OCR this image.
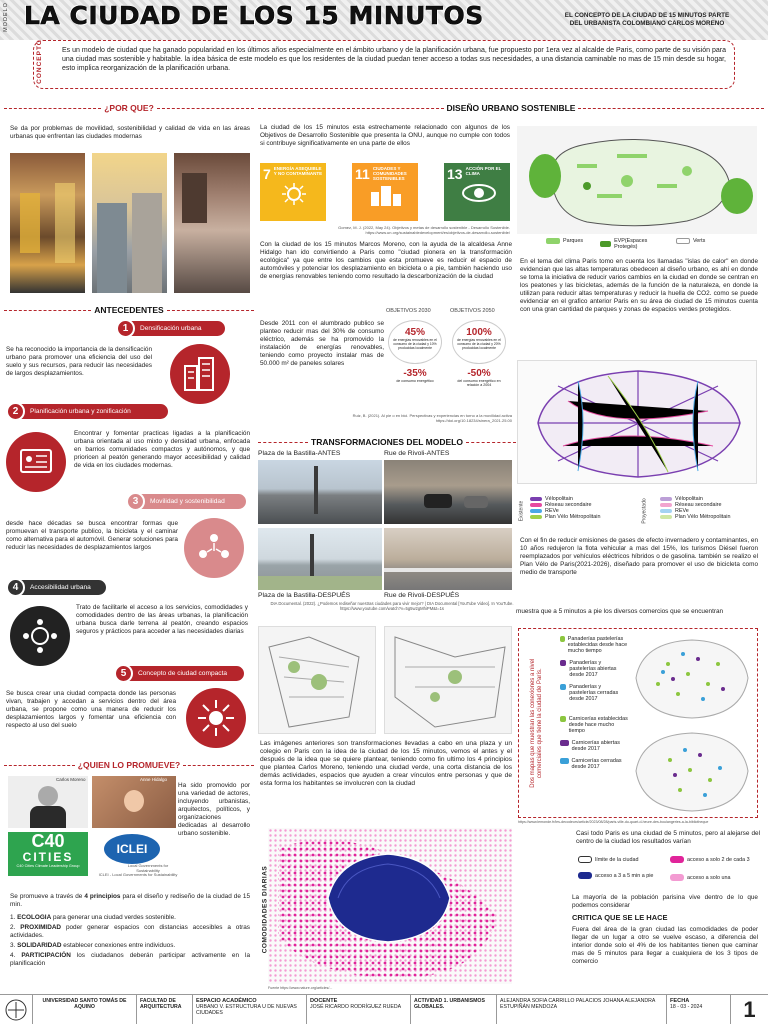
MODELO LA CIUDAD DE LOS 15 MINUTOS	EL CONCEPTO DE LA CIUDAD DE 15 MINUTOS PARTE DEL URBANISTA COLOMBIANO CARLOS MORENO
CONCEPTO	Es un modelo de ciudad que ha ganado popularidad en los últimos años especialmente en el ámbito urbano y de la planificación urbana, fue propuesto por 1era vez al alcalde de Paris, como parte de su visión para una ciudad mas sostenible y habitable. la idea básica de este modelo es que los residentes de la ciudad puedan tener acceso a todas sus necesidades, a una distancia caminable no mas de 15 min desde su hogar, esto implica reorganización de la planificación urbana.
¿POR QUE?
Se da por problemas de movilidad, sostenibilidad y calidad de vida en las áreas urbanas que enfrentan las ciudades modernas
ANTECEDENTES
1	Densificación urbana
Se ha reconocido la importancia de la densificación urbano para promover una eficiencia del uso del suelo y sus recursos, para reducir las necesidades de largos desplazamientos.
2	Planificación urbana y zonificación
Encontrar y fomentar practicas ligadas a la planificación urbana orientada al uso mixto y densidad urbana, enfocada en barrios comunidades compactos y autónomos, y que prioricen al peatón generando mayor accesibilidad y calidad de vida en los ciudades modernas.
3	Movilidad y sostenibilidad
desde hace décadas se busca encontrar formas que promuevan el transporte publico, la bicicleta y el caminar como alternativa para el automóvil. Generar soluciones para reducir las necesidades de desplazamientos largos
4	Accesibilidad urbana
Trato de facilitarle el acceso a los servicios, comodidades y comodidades dentro de las áreas urbanas, la planificación urbana busca darle terrena al peatón, creando espacios seguros y prácticos para acceder a las necesidades diarias
5	Concepto de ciudad compacta
Se busca crear una ciudad compacta donde las personas vivan, trabajen y accedan a servicios dentro del área urbana, se propone como una manera de reducir los desplazamientos largos y fomentar una eficiencia con respecto al uso del suelo
¿QUIEN LO PROMUEVE?
Carlos Moreno	Anne Hidalgo
Ha sido promovido por una variedad de actores, incluyendo urbanistas, arquitectos, políticos, y organizaciones dedicadas al desarrollo urbano sostenible.
C40
CITIES
C40 Cities Climate Leadership Group
ICLEI
Local Governments for Sustainability
ICLEI - Local Governments for Sustainability
Se promueve a través de 4 principios para el diseño y rediseño de la ciudad de 15 min.
1. ECOLOGIA para generar una ciudad verdes sostenible.
2. PROXIMIDAD poder generar espacios con distancias accesibles a otras actividades.
3. SOLIDARIDAD establecer conexiones entre individuos.
4. PARTICIPACIÓN los ciudadanos deberán participar activamente en la planificación
DISEÑO URBANO SOSTENIBLE
La ciudad de los 15 minutos esta estrechamente relacionado con algunos de los Objetivos de Desarrollo Sostenible que presenta la ONU, aunque no cumple con todos si contribuye significativamente en una parte de ellos
7 ENERGÍA ASEQUIBLE Y NO CONTAMINANTE 11 CIUDADES Y COMUNIDADES SOSTENIBLES	13 ACCIÓN POR EL CLIMA
Gomez, M. J. (2022, May 24). Objetivos y metas de desarrollo sostenible - Desarrollo Sostenible. https://www.un.org/sustainabledevelopment/es/objetivos-de-desarrollo-sostenible/
Con la ciudad de los 15 minutos Marcos Moreno, con la ayuda de la alcaldesa Anne Hidalgo han ido convirtiendo a Paris como "ciudad pionera en la transformación ecológica" ya que entre los cambios que esta promueve es reducir el espacio de automóviles y potenciar los desplazamiento en bicicleta o a pie, también haciendo uso de energías renovables teniendo como resultado la descarbonización de la ciudad
Desde 2011 con el alumbrado publico se planteo reducir mas del 30% de consumo eléctrico, además se ha promovido la instalación de energías renovables, teniendo como proyecto instalar mas de 50.000 m² de paneles solares
OBJETIVOS 2030	OBJETIVOS 2050
45%
de energías renovables en el consumo de la ciudad y 10% producidas localmente
100%
de energías renovables en el consumo de la ciudad y 20% producidas localmente
-35%
de consumo energético
-50%
del consumo energético en relación a 2004
Ruiz, B. (2021). Al pie o en bici. Perspectivas y experiencias en torno a la movilidad activa https://doi.org/10.18234/sinera_2021.25.00
Parques	EVP(Espaces Protegés)
Verts
En el tema del clima Paris tomo en cuenta los llamadas "islas de calor" en donde evidencian que las altas temperaturas obedecen al diseño urbano, es ahí en donde se toma la iniciativa de reducir varios cambios en la ciudad en donde se centran en los peatones y las bicicletas, además de la función de la naturaleza, en donde la utilizan para reducir altas temperaturas y reducir la huella de CO2. como se puede evidenciar en el grafico anterior Paris en su área de ciudad de 15 minutos cuenta con una gran cantidad de parques y zonas de espacios verdes protegidos.
Existente
Vélopolitain
Réseau secondaire
REVe
Plan Vélo Métropolitain	Proyectado	Vélopolitain
Réseau secondaire
REVe
Plan Vélo Métropolitain
Con el fin de reducir emisiones de gases de efecto invernadero y contaminantes, en 10 años redujeron la flota vehicular a mas del 15%, los turismos Diésel fueron reemplazados por vehículos eléctricos híbridos o de gasolina. también se realizo el Plan Vélo de Paris(2021-2026), diseñado para promover el uso de bicicleta como medio de transporte
TRANSFORMACIONES DEL MODELO
Plaza de la Bastilla-ANTES	Rue de Rivoli-ANTES
Plaza de la Bastilla-DESPUÉS	Rue de Rivoli-DESPUÉS
DIA Documental. (2022). ¿Podemos rediseñar nuestras ciudades para vivir mejor? | DIA Documental [YouTube Video]. In YouTube. https://www.youtube.com/watch?v=5g5w2gMhiPM&t=1s
Las imágenes anteriores son transformaciones llevadas a cabo en una plaza y un colegio en Paris con la idea de la ciudad de los 15 minutos, vemos el antes y el después de la idea que se quiere plantear, teniendo como fin ultimo los 4 principios que plantea Carlos Moreno, teniendo una ciudad verde, una corta distancia de los demás actividades, espacios que ayuden a crear vínculos entre personas y que de esta forma los habitantes se involucren con la ciudad
muestra que a 5 minutos a pie los diversos comercios que se encuentran
Dos mapas que muestran las conexiones a nivel comerciales que tiene la ciudad de París.
Panaderías pastelerías establecidas desde hace mucho tiempo
Panaderías y pastelerías abiertas desde 2017
Panaderías y pastelerías cerradas desde 2017
Carnicerías establecidas desde hace mucho tiempo
Carnicerías abiertas desde 2017
Carnicerías cerradas desde 2017
https://www.lemonde.fr/les-decodeurs/article/2023/08/28/paris-ville-du-quart-d-heure-des-boulangeries-a-la-bibliotheque
COMODIDADES DIARIAS
Fuente https://www.nature.org/articles/...
Casi todo Paris es una ciudad de 5 minutos, pero al alejarse del centro de la ciudad los resultados varían
límite de la ciudad	acceso a solo 2 de cada 3
acceso a 3 a 5 min a pie	acceso a solo una
La mayoría de la población parisina vive dentro de lo que podemos considerar
CRITICA QUE SE LE HACE
Fuera del área de la gran ciudad las comodidades de poder llegar de un lugar a otro se vuelve escaso, a diferencia del interior donde solo el 4% de los habitantes tienen que caminar mas de 5 minutos para llegar a cualquiera de los 3 tipos de comercio
UNIVERSIDAD SANTO TOMÁS DE AQUINO
FACULTAD DE ARQUITECTURA
ESPACIO ACADÉMICO
URBANO V. ESTRUCTURA U DE NUEVAS CIUDADES
DOCENTE
JOSÉ RICARDO RODRÍGUEZ RUEDA
ACTIVIDAD 1. URBANISMOS GLOBALES.
ALEJANDRA SOFIA CARRILLO PALACIOS JOHANA ALEJANDRA ESTUPIÑÁN MENDOZA
FECHA
18 - 03 - 2024	1
